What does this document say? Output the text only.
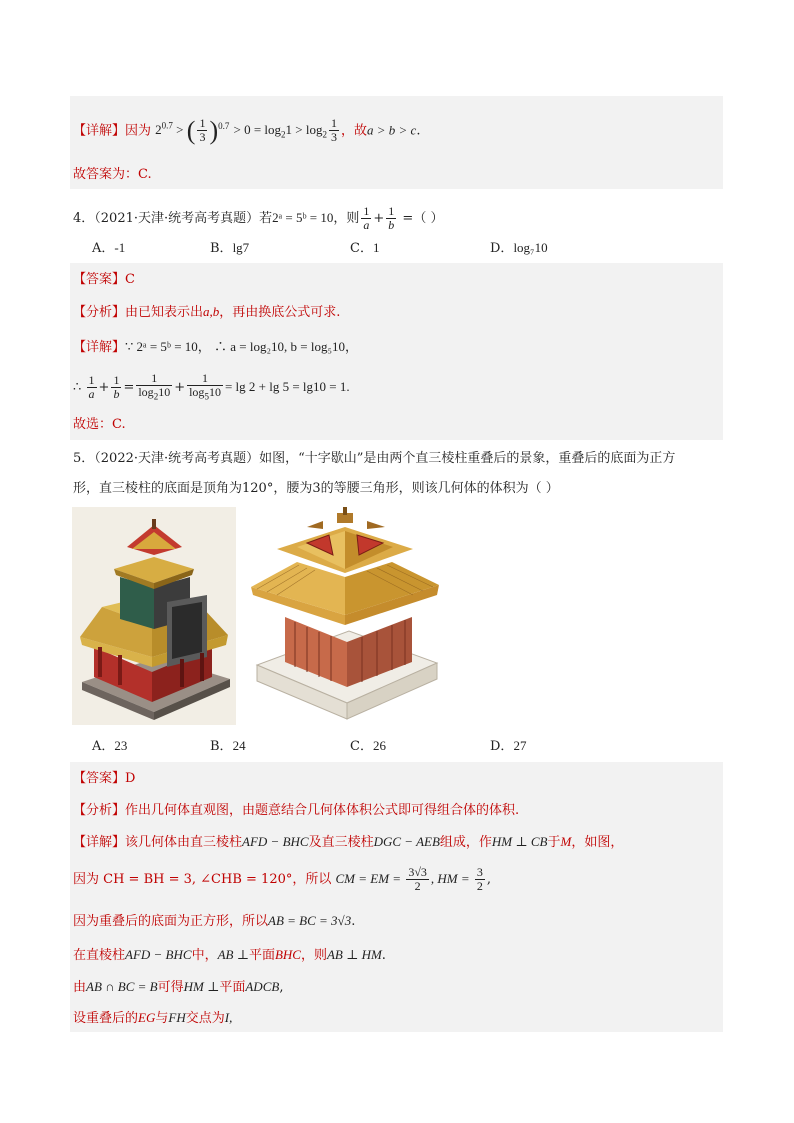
【详解】因为 $2^{0.7}$ > ( $\frac{1}{3} )^{0.7} > 0 = \log_21 > \log_2 \frac{1}{3}$ ，故a > b > c.
故答案为：C.
4．（2021·天津·统考高考真题）若2ᵃ = 5ᵇ = 10，则 $\frac{1}{a} + \frac{1}{b}$ =（ ）
A．-1	B．lg7	C．1	D．log₇10
【答案】C
【分析】由已知表示出a,b，再由换底公式可求.
【详解】∵ 2ᵃ = 5ᵇ = 10， ∴ a = log₂10, b = log₅10，
∴ $\frac{1}{a} + \frac{1}{b} = \frac{1}{\log_210} + \frac{1}{\log_510} = \lg 2 + \lg 5 = \lg 10 = 1$.
故选：C.
5．（2022·天津·统考高考真题）如图，“十字歇山”是由两个直三棱柱重叠后的景象，重叠后的底面为正方
形，直三棱柱的底面是顶角为120°，腰为3的等腰三角形，则该几何体的体积为（ ）
A．23	B．24	C．26	D．27
【答案】D
【分析】作出几何体直观图，由题意结合几何体体积公式即可得组合体的体积.
【详解】该几何体由直三棱柱AFD − BHC及直三棱柱DGC − AEB组成，作HM ⊥ CB于M，如图，
因为 CH = BH = 3, ∠CHB = 120°，所以 CM = EM = $\frac{3√3}{2}$ , HM = $\frac{3}{2}$ ,
因为重叠后的底面为正方形，所以AB = BC = 3√3.
在直棱柱AFD − BHC中，AB ⊥平面BHC，则AB ⊥ HM.
由AB ∩ BC = B可得HM ⊥平面ADCB,
设重叠后的EG与FH交点为I,
